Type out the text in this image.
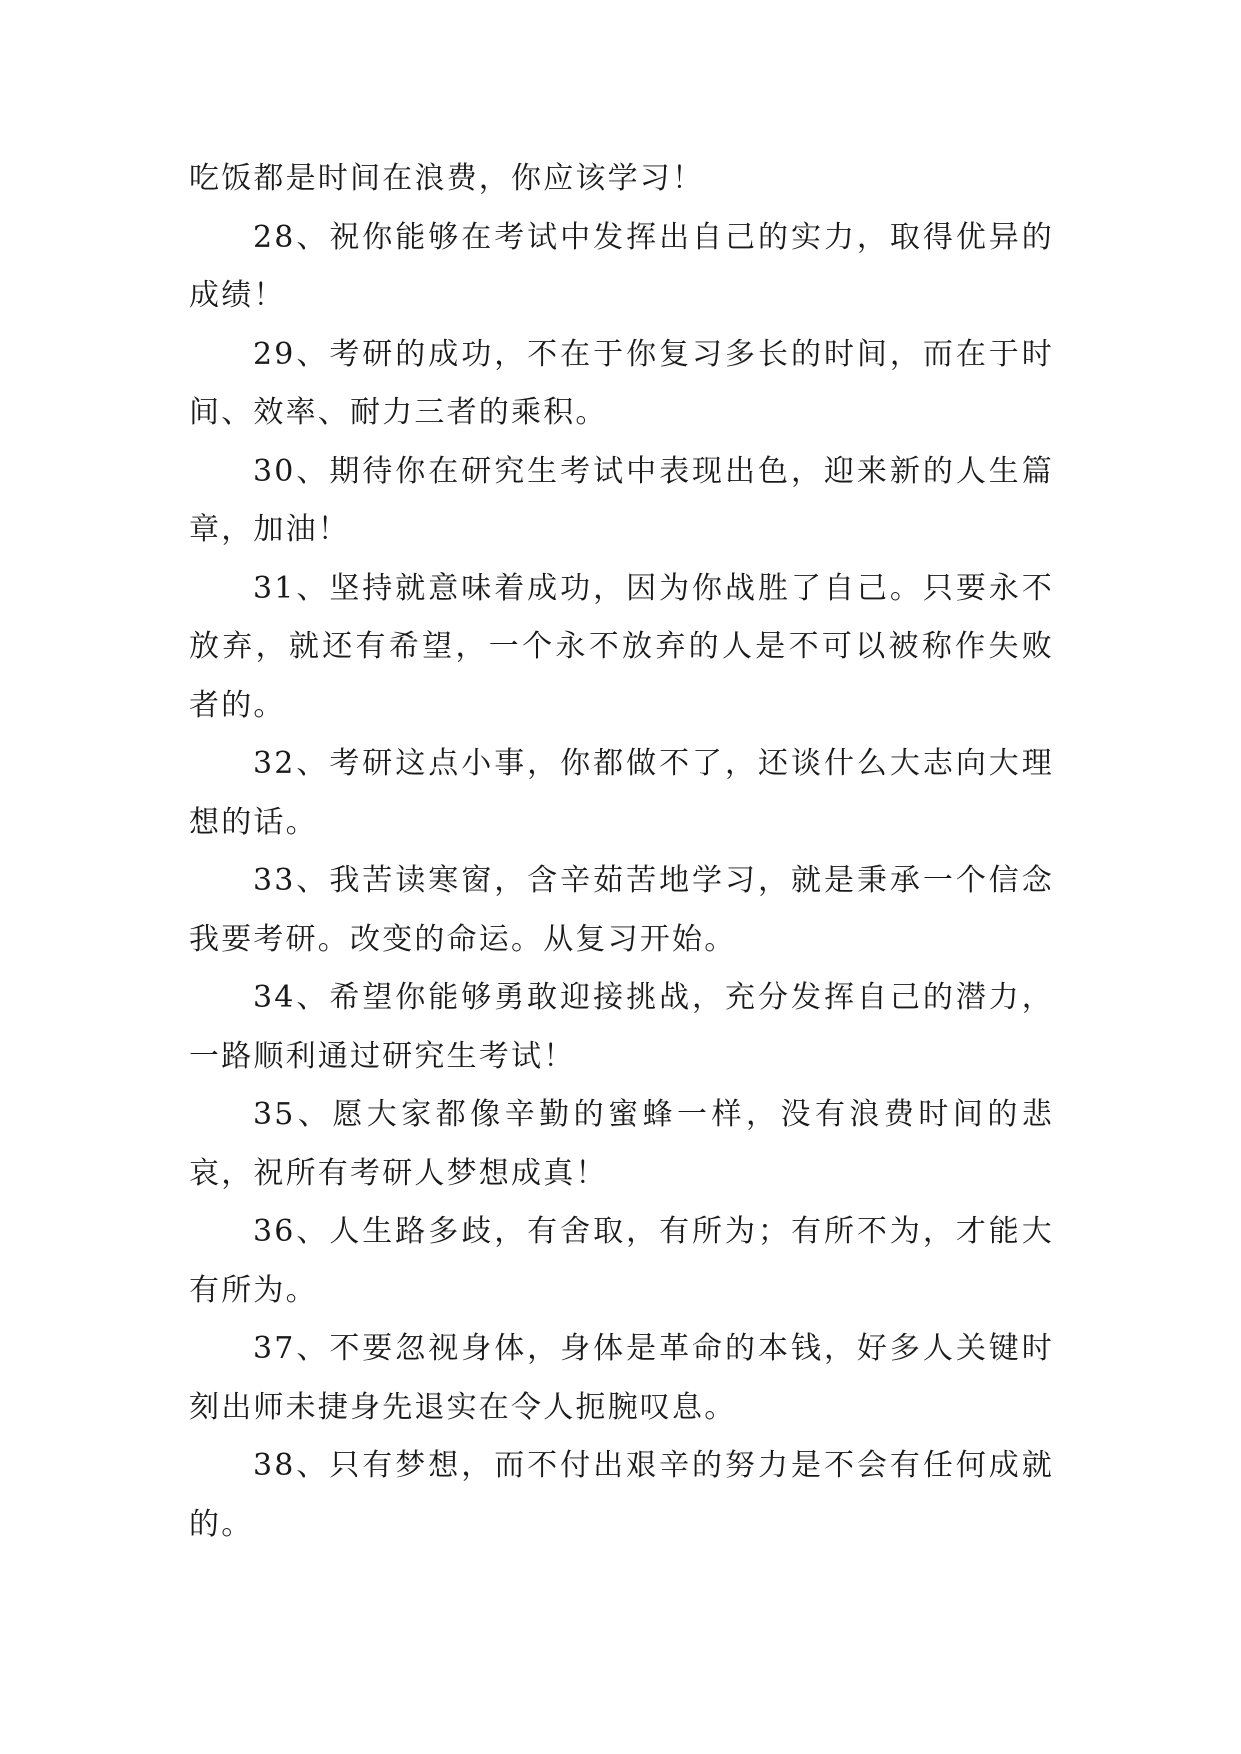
吃饭都是时间在浪费，你应该学习！

28、祝你能够在考试中发挥出自己的实力，取得优异的成绩！

29、考研的成功，不在于你复习多长的时间，而在于时间、效率、耐力三者的乘积。

30、期待你在研究生考试中表现出色，迎来新的人生篇章，加油！

31、坚持就意味着成功，因为你战胜了自己。只要永不放弃，就还有希望，一个永不放弃的人是不可以被称作失败者的。

32、考研这点小事，你都做不了，还谈什么大志向大理想的话。

33、我苦读寒窗，含辛茹苦地学习，就是秉承一个信念我要考研。改变的命运。从复习开始。

34、希望你能够勇敢迎接挑战，充分发挥自己的潜力，一路顺利通过研究生考试！

35、愿大家都像辛勤的蜜蜂一样，没有浪费时间的悲哀，祝所有考研人梦想成真！

36、人生路多歧，有舍取，有所为；有所不为，才能大有所为。

37、不要忽视身体，身体是革命的本钱，好多人关键时刻出师未捷身先退实在令人扼腕叹息。

38、只有梦想，而不付出艰辛的努力是不会有任何成就的。
